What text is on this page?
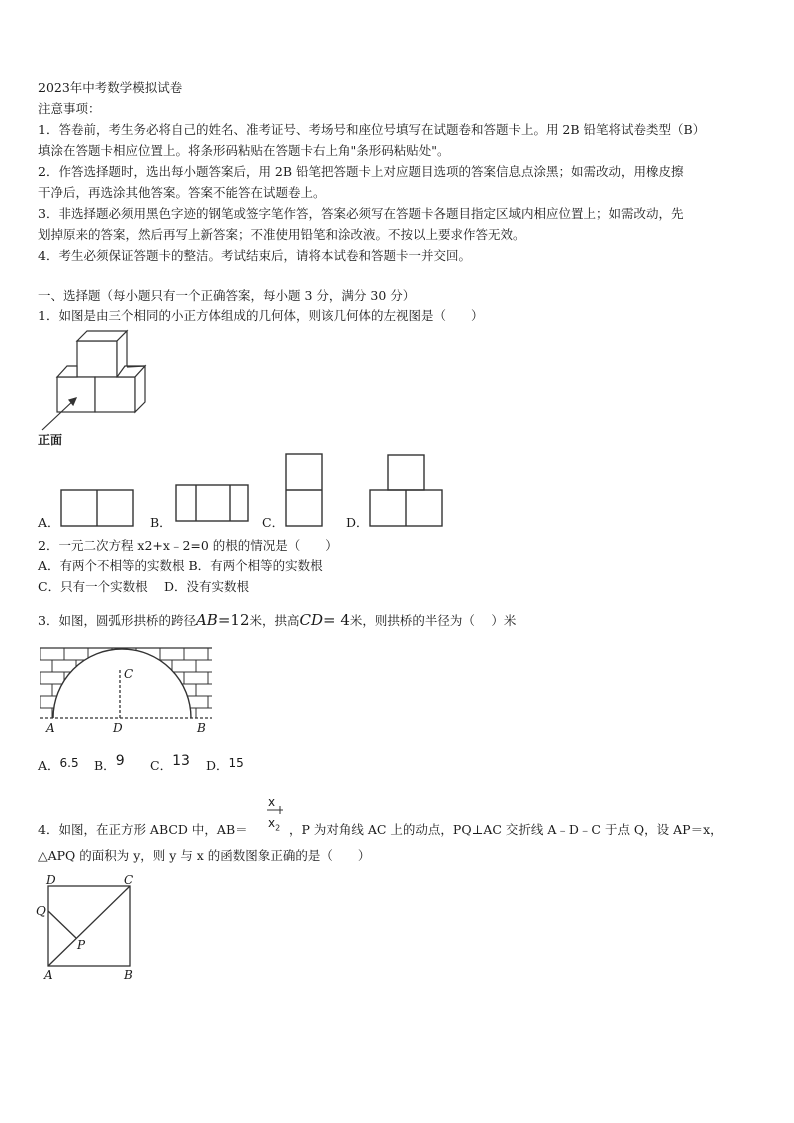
2023年中考数学模拟试卷
注意事项：
1．答卷前，考生务必将自己的姓名、准考证号、考场号和座位号填写在试题卷和答题卡上。用 2B 铅笔将试卷类型（B）
填涂在答题卡相应位置上。将条形码粘贴在答题卡右上角"条形码粘贴处"。
2．作答选择题时，选出每小题答案后，用 2B 铅笔把答题卡上对应题目选项的答案信息点涂黑；如需改动，用橡皮擦
干净后，再选涂其他答案。答案不能答在试题卷上。
3．非选择题必须用黑色字迹的钢笔或签字笔作答，答案必须写在答题卡各题目指定区域内相应位置上；如需改动，先
划掉原来的答案，然后再写上新答案；不准使用铅笔和涂改液。不按以上要求作答无效。
4．考生必须保证答题卡的整洁。考试结束后，请将本试卷和答题卡一并交回。
一、选择题（每小题只有一个正确答案，每小题 3 分，满分 30 分）
1．如图是由三个相同的小正方体组成的几何体，则该几何体的左视图是（　　）
正面
A．	B．	C．	D．
2．一元二次方程 x2+x﹣2=0 的根的情况是（　　）
A．有两个不相等的实数根 B．有两个相等的实数根
C．只有一个实数根　 D．没有实数根
3．如图，圆弧形拱桥的跨径AB=12米，拱高CD= 4米，则拱桥的半径为（　 ）米
C
A	D	B
A．6.5 B．9 C．13 D．15
x
$x_2$
4．如图，在正方形 ABCD 中，AB＝	，P 为对角线 AC 上的动点，PQ⊥AC 交折线 A﹣D﹣C 于点 Q，设 AP＝x，
△APQ 的面积为 y，则 y 与 x 的函数图象正确的是（　　）
D	C
Q
P
A	B
